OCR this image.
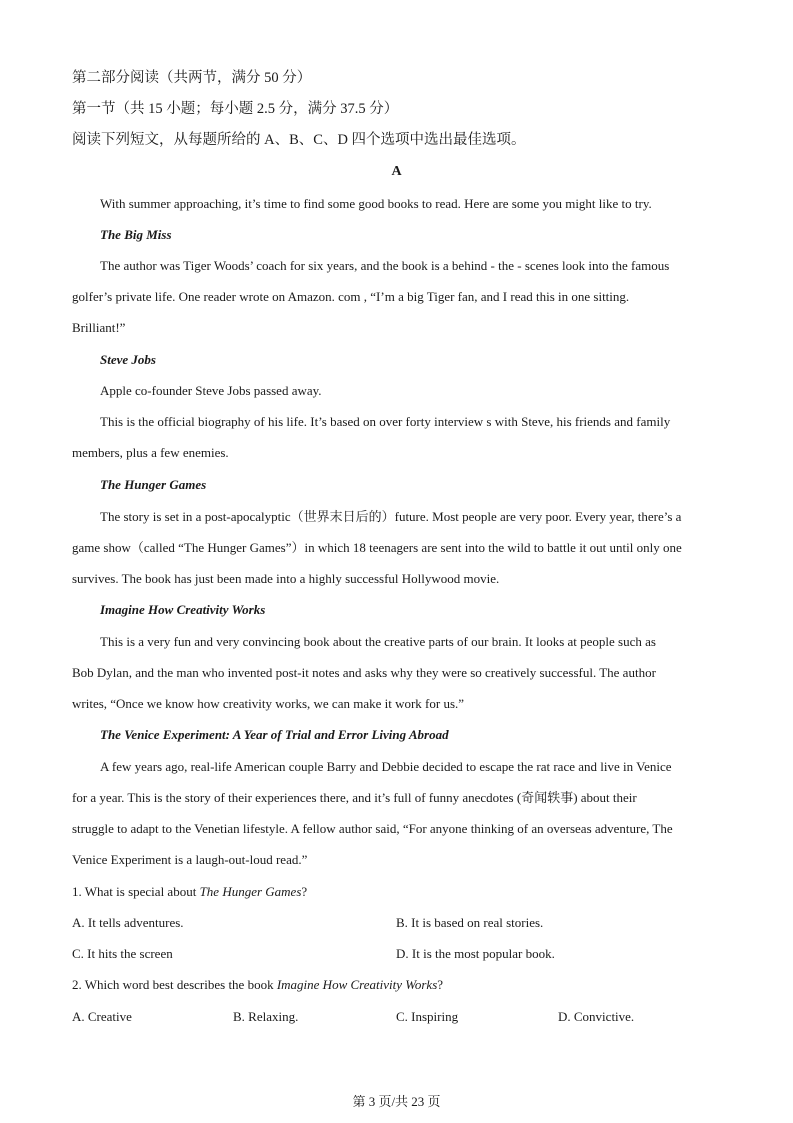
第二部分阅读（共两节，满分 50 分）
第一节（共 15 小题；每小题 2.5 分，满分 37.5 分）
阅读下列短文，从每题所给的 A、B、C、D 四个选项中选出最佳选项。
A
With summer approaching, it’s time to find some good books to read. Here are some you might like to try.
The Big Miss
The author was Tiger Woods’ coach for six years, and the book is a behind - the - scenes look into the famous
golfer’s private life. One reader wrote on Amazon. com , “I’m a big Tiger fan, and I read this in one sitting.
Brilliant!”
Steve Jobs
Apple co-founder Steve Jobs passed away.
This is the official biography of his life. It’s based on over forty interview s with Steve, his friends and family
members, plus a few enemies.
The Hunger Games
The story is set in a post-apocalyptic（世界末日后的）future. Most people are very poor. Every year, there’s a
game show（called “The Hunger Games”）in which 18 teenagers are sent into the wild to battle it out until only one
survives. The book has just been made into a highly successful Hollywood movie.
Imagine How Creativity Works
This is a very fun and very convincing book about the creative parts of our brain. It looks at people such as
Bob Dylan, and the man who invented post-it notes and asks why they were so creatively successful. The author
writes, “Once we know how creativity works, we can make it work for us.”
The Venice Experiment: A Year of Trial and Error Living Abroad
A few years ago, real-life American couple Barry and Debbie decided to escape the rat race and live in Venice
for a year. This is the story of their experiences there, and it’s full of funny anecdotes (奇闻轶事) about their
struggle to adapt to the Venetian lifestyle. A fellow author said, “For anyone thinking of an overseas adventure, The
Venice Experiment is a laugh-out-loud read.”
1. What is special about The Hunger Games?
A. It tells adventures.	B. It is based on real stories.
C. It hits the screen	D. It is the most popular book.
2. Which word best describes the book Imagine How Creativity Works?
A. Creative	B. Relaxing.	C. Inspiring	D. Convictive.
第 3 页/共 23 页
